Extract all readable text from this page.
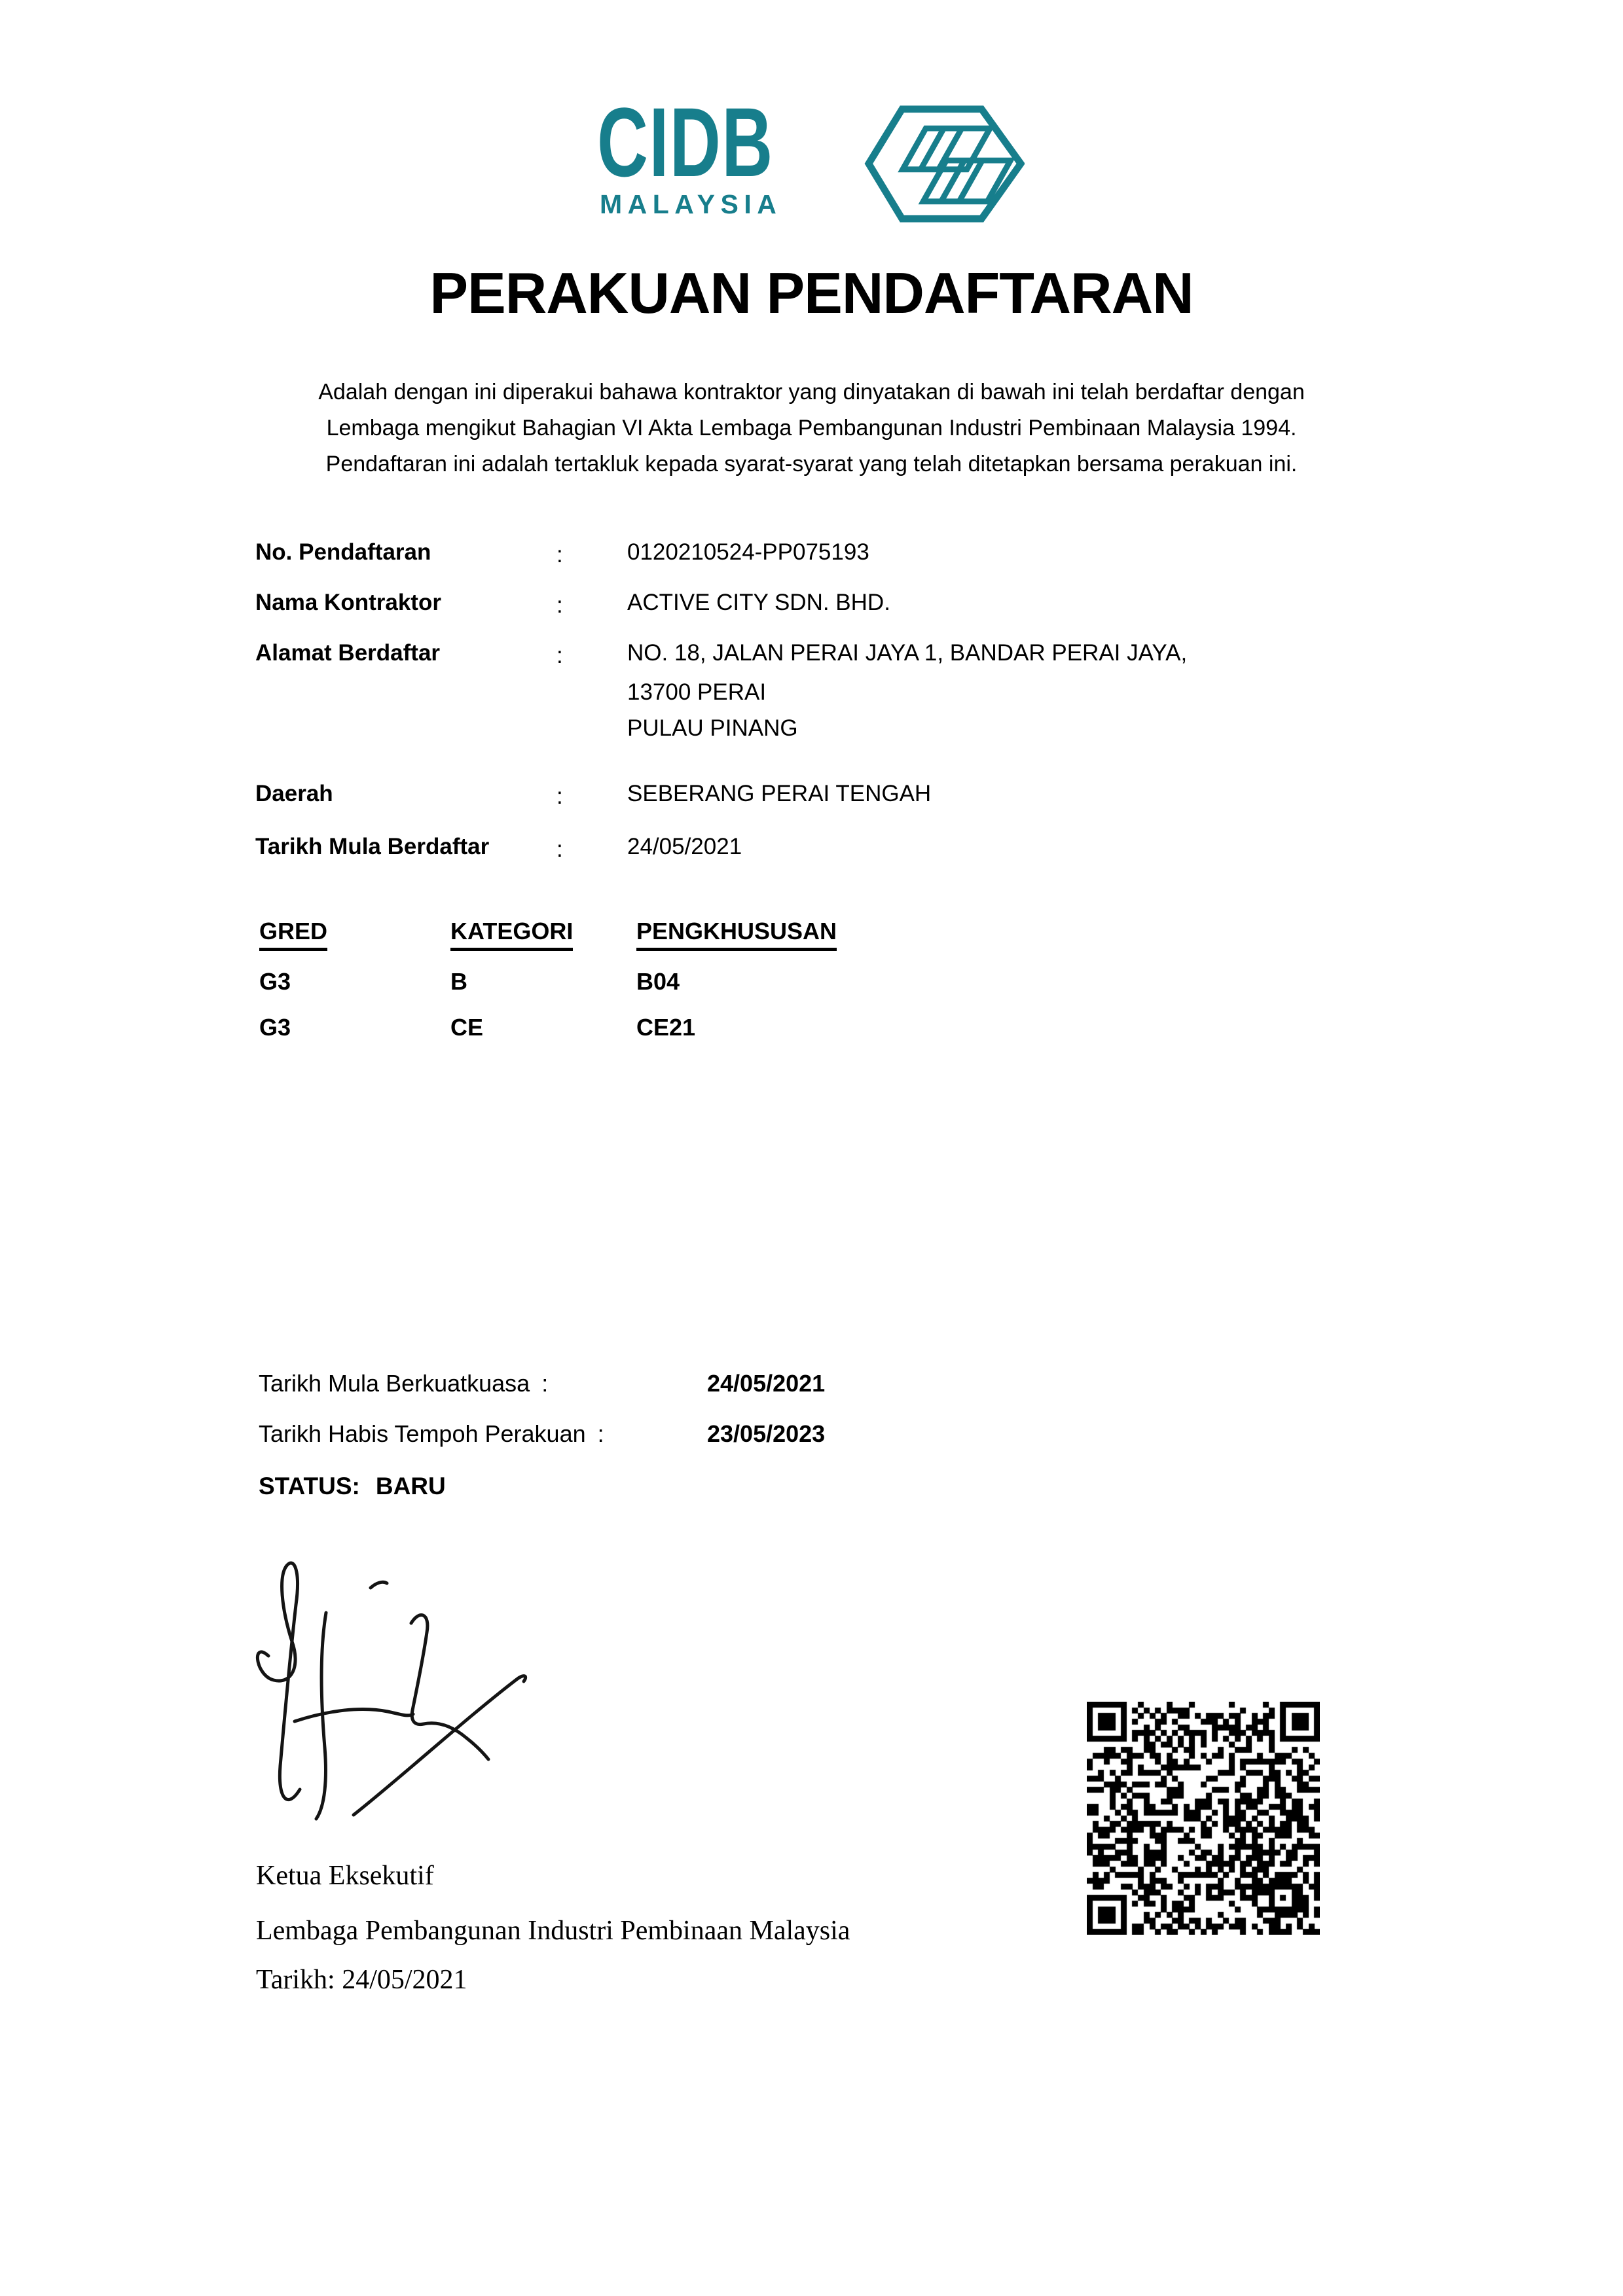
CIDB
MALAYSIA
PERAKUAN PENDAFTARAN
Adalah dengan ini diperakui bahawa kontraktor yang dinyatakan di bawah ini telah berdaftar dengan
Lembaga mengikut Bahagian VI Akta Lembaga Pembangunan Industri Pembinaan Malaysia 1994.
Pendaftaran ini adalah tertakluk kepada syarat-syarat yang telah ditetapkan bersama perakuan ini.
No. Pendaftaran	:	0120210524-PP075193
Nama Kontraktor	:	ACTIVE CITY SDN. BHD.
Alamat Berdaftar	:	NO. 18, JALAN PERAI JAYA 1, BANDAR PERAI JAYA,
13700 PERAI
PULAU PINANG
Daerah	:	SEBERANG PERAI TENGAH
Tarikh Mula Berdaftar	:	24/05/2021
GRED	KATEGORI	PENGKHUSUSAN
G3	B	B04
G3	CE	CE21
Tarikh Mula Berkuatkuasa :	24/05/2021
Tarikh Habis Tempoh Perakuan :	23/05/2023
STATUS: BARU
Ketua Eksekutif
Lembaga Pembangunan Industri Pembinaan Malaysia
Tarikh: 24/05/2021
